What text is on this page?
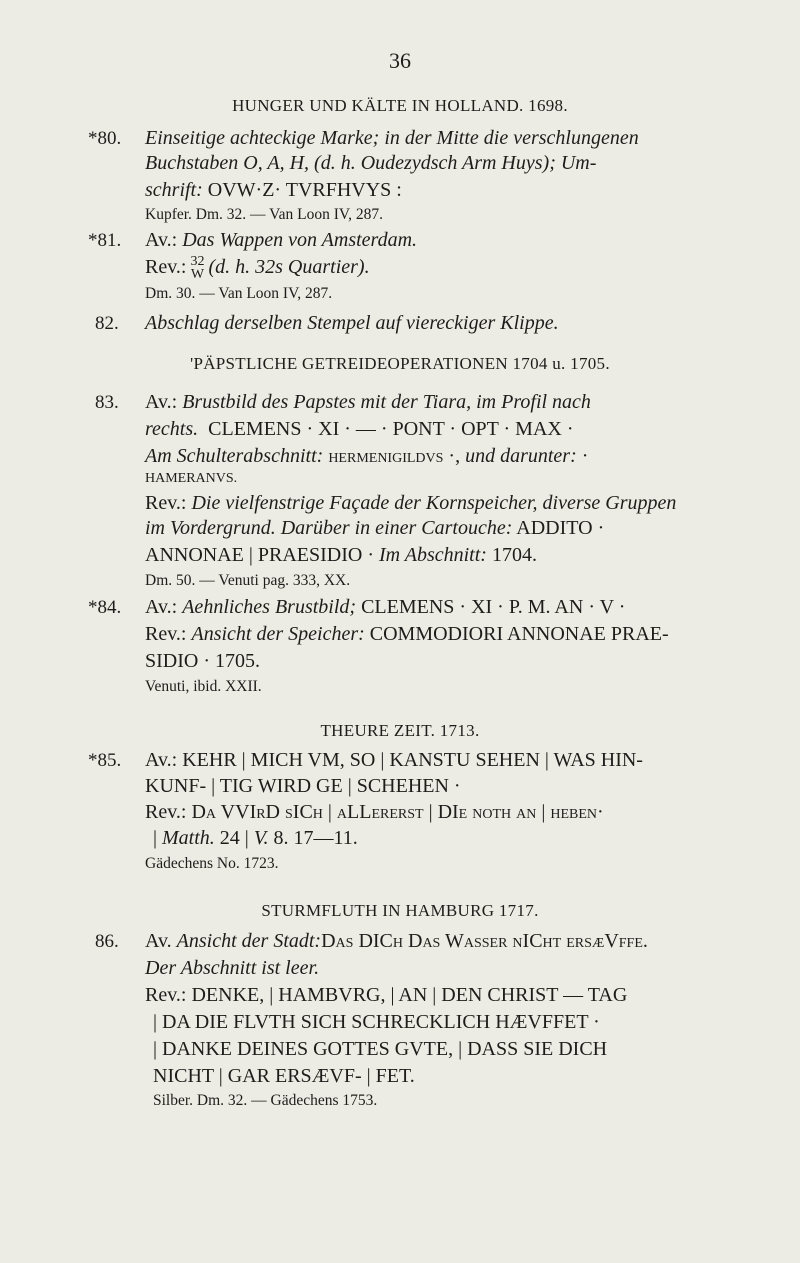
36
HUNGER UND KÄLTE IN HOLLAND. 1698.
*80. Einseitige achteckige Marke; in der Mitte die verschlungenen
Buchstaben O, A, H, (d. h. Oudezydsch Arm Huys); Um-
schrift: OVW·Z· TVRFHVYS :
Kupfer. Dm. 32. — Van Loon IV, 287.
*81. Av.: Das Wappen von Amsterdam.
Rev.: 32
W (d. h. 32s Quartier).
Dm. 30. — Van Loon IV, 287.
82. Abschlag derselben Stempel auf viereckiger Klippe.
'PÄPSTLICHE GETREIDEOPERATIONEN 1704 u. 1705.
83. Av.: Brustbild des Papstes mit der Tiara, im Profil nach
rechts. CLEMENS · XI · — · PONT · OPT · MAX ·
Am Schulterabschnitt: HERMENIGILDVS ·, und darunter: ·
HAMERANVS.
Rev.: Die vielfenstrige Façade der Kornspeicher, diverse Gruppen
im Vordergrund. Darüber in einer Cartouche: ADDITO ·
ANNONAE | PRAESIDIO · Im Abschnitt: 1704.
Dm. 50. — Venuti pag. 333, XX.
*84. Av.: Aehnliches Brustbild; CLEMENS · XI · P. M. AN · V ·
Rev.: Ansicht der Speicher: COMMODIORI ANNONAE PRAE-
SIDIO · 1705.
Venuti, ibid. XXII.
THEURE ZEIT. 1713.
*85. Av.: KEHR | MICH VM, SO | KANSTU SEHEN | WAS HIN-
KUNF- | TIG WIRD GE | SCHEHEN ·
Rev.: Da VVIrD sICh | aLLererst | DIe noth an | heben·
| Matth. 24 | V. 8. 17—11.
Gädechens No. 1723.
STURMFLUTH IN HAMBURG 1717.
86. Av. Ansicht der Stadt:Das DICh Das Wasser nICht ersæVffe.
Der Abschnitt ist leer.
Rev.: DENKE, | HAMBVRG, | AN | DEN CHRIST — TAG
| DA DIE FLVTH SICH SCHRECKLICH HÆVFFET ·
| DANKE DEINES GOTTES GVTE, | DASS SIE DICH
NICHT | GAR ERSÆVF- | FET.
Silber. Dm. 32. — Gädechens 1753.
